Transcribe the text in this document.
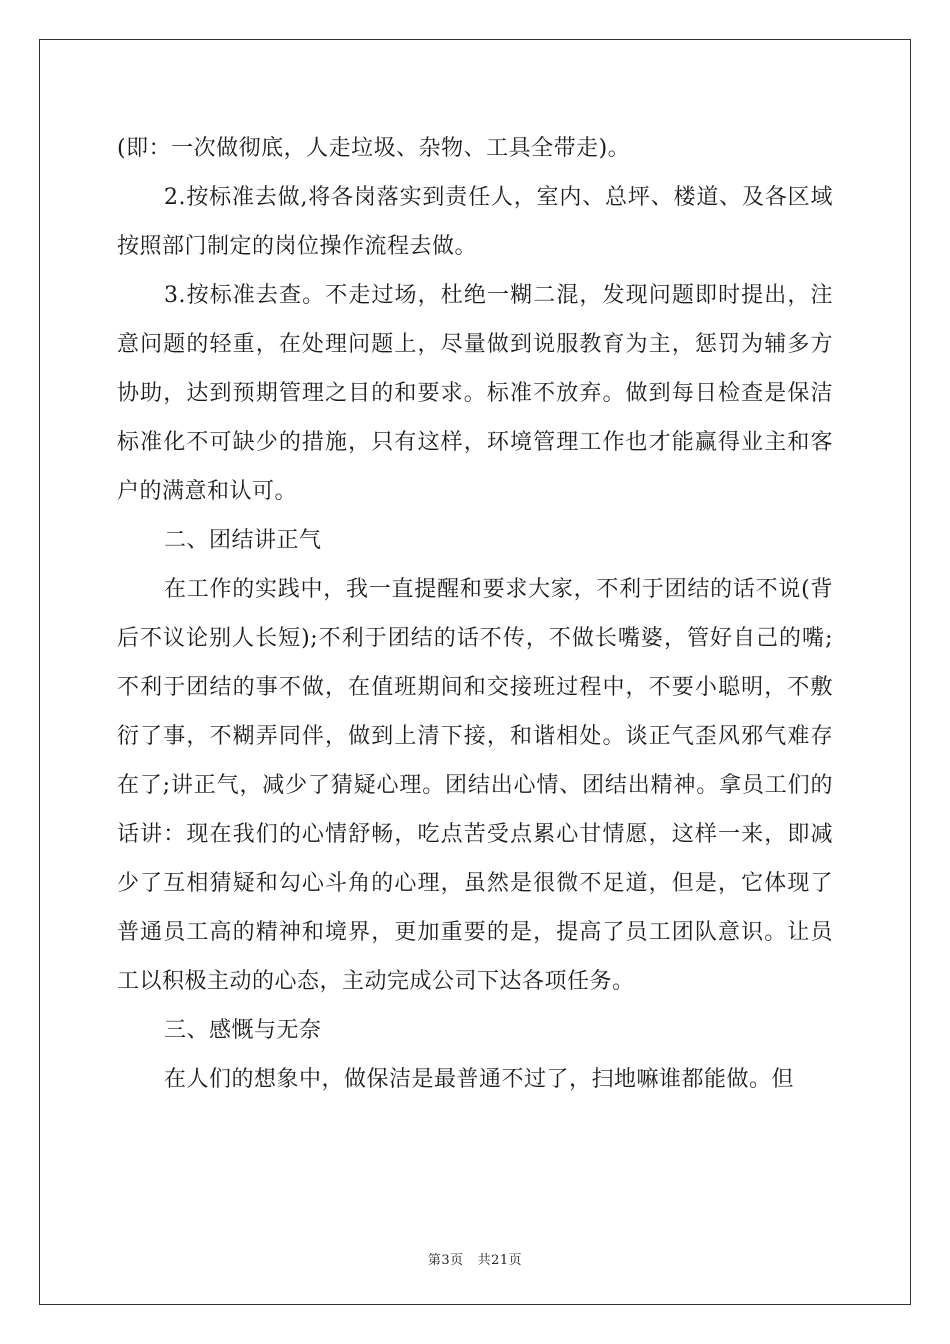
(即：一次做彻底，人走垃圾、杂物、工具全带走)。

2.按标准去做,将各岗落实到责任人，室内、总坪、楼道、及各区域按照部门制定的岗位操作流程去做。

3.按标准去查。不走过场，杜绝一糊二混，发现问题即时提出，注意问题的轻重，在处理问题上，尽量做到说服教育为主，惩罚为辅多方协助，达到预期管理之目的和要求。标准不放弃。做到每日检查是保洁标准化不可缺少的措施，只有这样，环境管理工作也才能赢得业主和客户的满意和认可。

二、团结讲正气

在工作的实践中，我一直提醒和要求大家，不利于团结的话不说(背后不议论别人长短);不利于团结的话不传，不做长嘴婆，管好自己的嘴;不利于团结的事不做，在值班期间和交接班过程中，不要小聪明，不敷衍了事，不糊弄同伴，做到上清下接，和谐相处。谈正气歪风邪气难存在了;讲正气，减少了猜疑心理。团结出心情、团结出精神。拿员工们的话讲：现在我们的心情舒畅，吃点苦受点累心甘情愿，这样一来，即减少了互相猜疑和勾心斗角的心理，虽然是很微不足道，但是，它体现了普通员工高的精神和境界，更加重要的是，提高了员工团队意识。让员工以积极主动的心态，主动完成公司下达各项任务。

三、感慨与无奈

在人们的想象中，做保洁是最普通不过了，扫地嘛谁都能做。但

第3页 共21页
